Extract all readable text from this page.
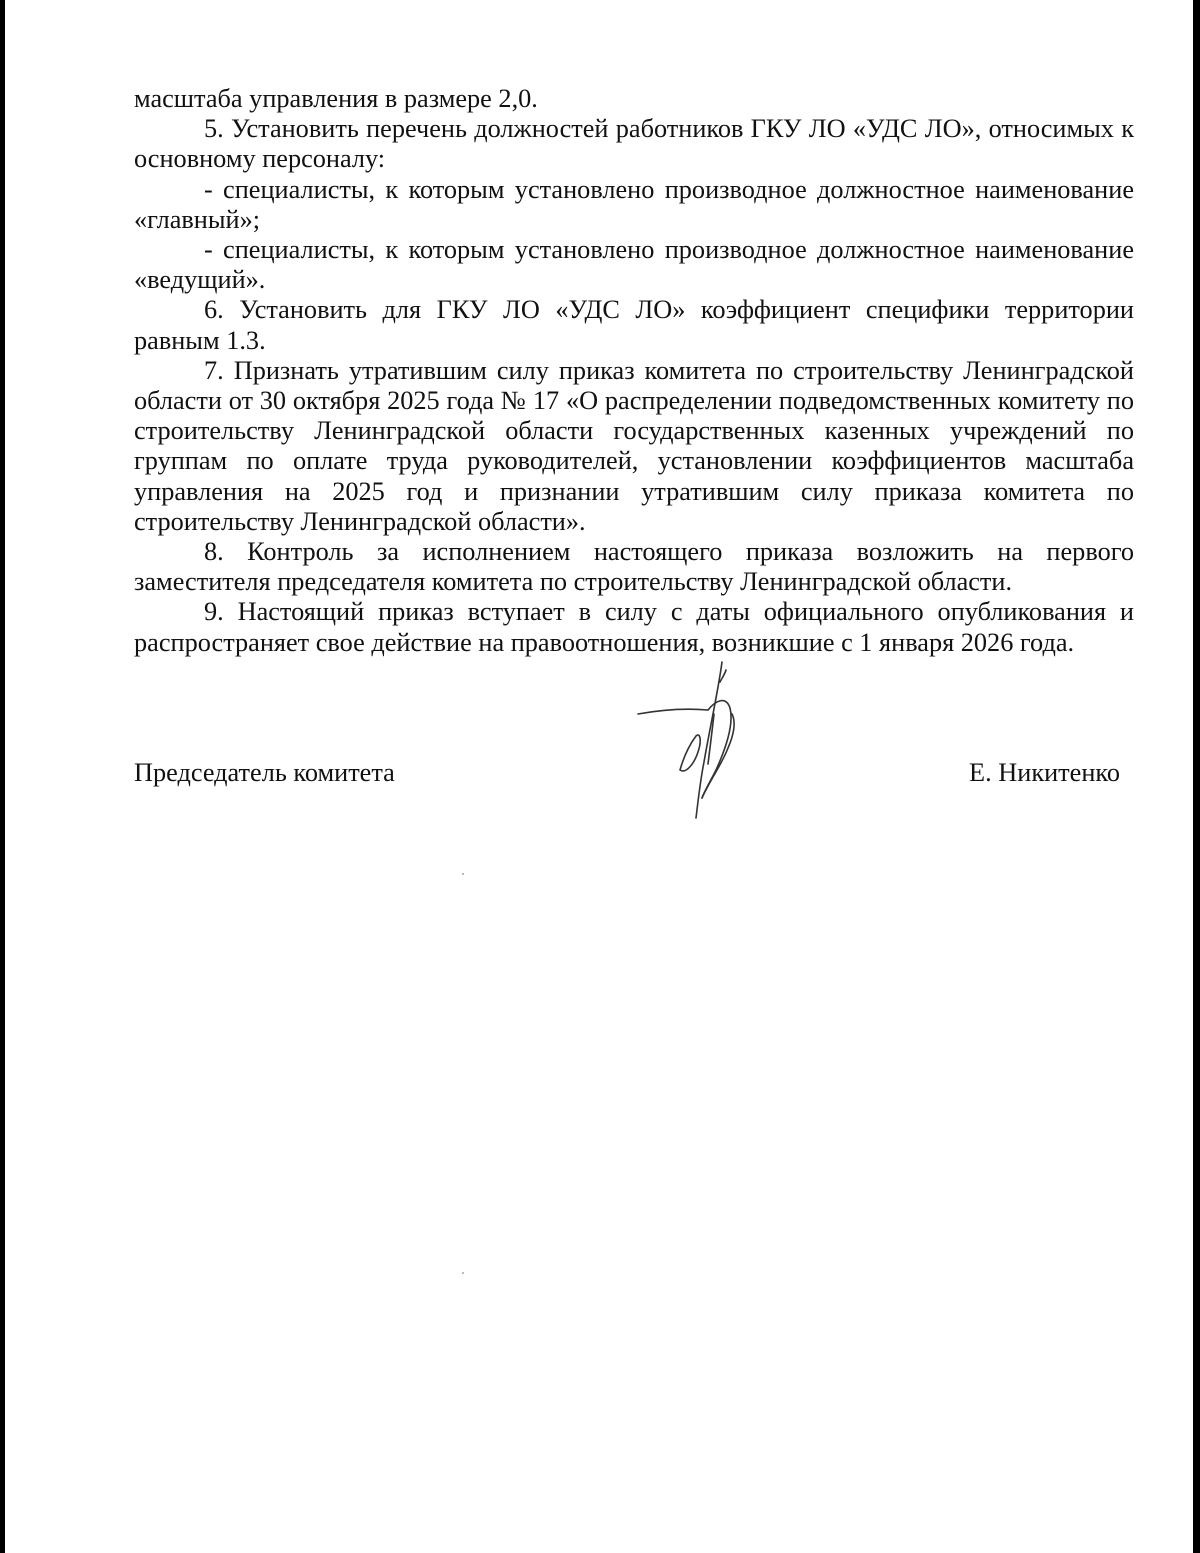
масштаба управления в размере 2,0.

5. Установить перечень должностей работников ГКУ ЛО «УДС ЛО», относимых к основному персоналу:

- специалисты, к которым установлено производное должностное наименование «главный»;

- специалисты, к которым установлено производное должностное наименование «ведущий».

6. Установить для ГКУ ЛО «УДС ЛО» коэффициент специфики территории равным 1.3.

7. Признать утратившим силу приказ комитета по строительству Ленинградской области от 30 октября 2025 года № 17 «О распределении подведомственных комитету по строительству Ленинградской области государственных казенных учреждений по группам по оплате труда руководителей, установлении коэффициентов масштаба управления на 2025 год и признании утратившим силу приказа комитета по строительству Ленинградской области».

8. Контроль за исполнением настоящего приказа возложить на первого заместителя председателя комитета по строительству Ленинградской области.

9. Настоящий приказ вступает в силу с даты официального опубликования и распространяет свое действие на правоотношения, возникшие с 1 января 2026 года.

Председатель комитета	Е. Никитенко
